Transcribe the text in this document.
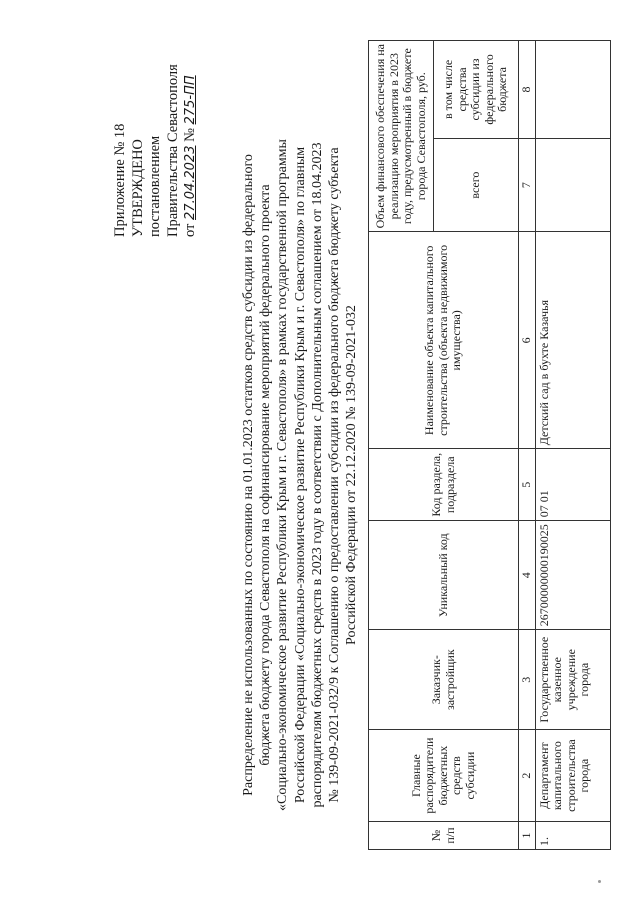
Приложение № 18 УТВЕРЖДЕНО постановлением Правительства Севастополя от 27.04.2023 № 275-ПП
Распределение не использованных по состоянию на 01.01.2023 остатков средств субсидии из федерального бюджета бюджету города Севастополя на софинансирование мероприятий федерального проекта «Социально-экономическое развитие Республики Крым и г. Севастополя» в рамках государственной программы Российской Федерации «Социально-экономическое развитие Республики Крым и г. Севастополя» по главным распорядителям бюджетных средств в 2023 году в соответствии с Дополнительным соглашением от 18.04.2023 № 139-09-2021-032/9 к Соглашению о предоставлении субсидии из федерального бюджета бюджету субъекта Российской Федерации от 22.12.2020 № 139-09-2021-032
№ п/п	Главные распорядители бюджетных средств субсидии	Заказчик-застройщик	Уникальный код	Код раздела, подраздела	Наименование объекта капитального строительства (объекта недвижимого имущества)	Объем финансового обеспечения на реализацию мероприятия в 2023 году, предусмотренный в бюджете города Севастополя, руб.	
						всего	в том числе средства субсидии из федерального бюджета
1	2	3	4	5	6	7	8
1.	Департамент капитального строительства города	Государственное казенное учреждение города	26700000000190025	07 01	Детский сад в бухте Казачья		
